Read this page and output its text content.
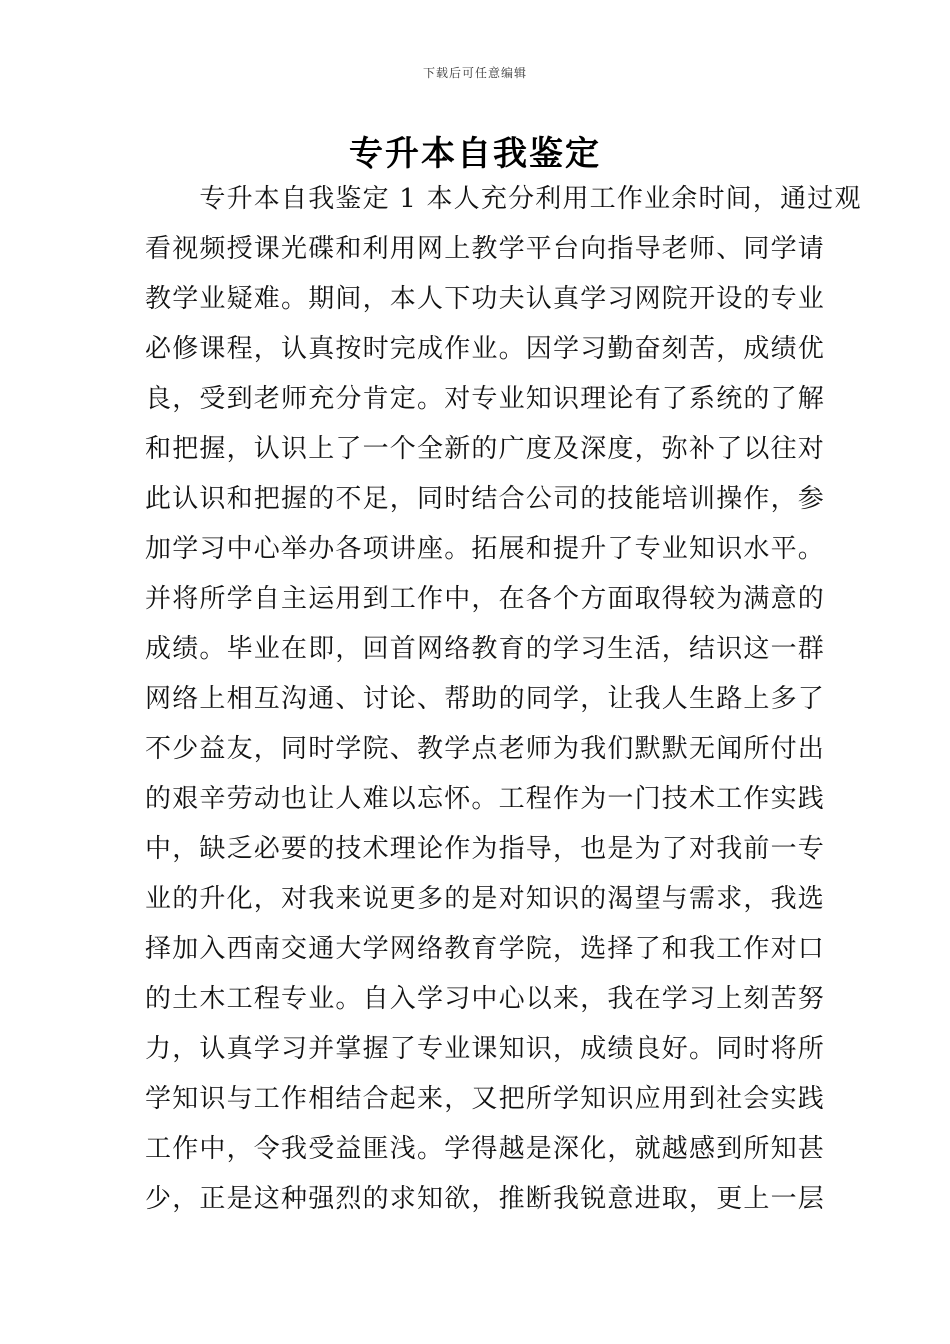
下载后可任意编辑
专升本自我鉴定
　　专升本自我鉴定 1 本人充分利用工作业余时间，通过观
看视频授课光碟和利用网上教学平台向指导老师、同学请
教学业疑难。期间，本人下功夫认真学习网院开设的专业
必修课程，认真按时完成作业。因学习勤奋刻苦，成绩优
良，受到老师充分肯定。对专业知识理论有了系统的了解
和把握，认识上了一个全新的广度及深度，弥补了以往对
此认识和把握的不足，同时结合公司的技能培训操作，参
加学习中心举办各项讲座。拓展和提升了专业知识水平。
并将所学自主运用到工作中，在各个方面取得较为满意的
成绩。毕业在即，回首网络教育的学习生活，结识这一群
网络上相互沟通、讨论、帮助的同学，让我人生路上多了
不少益友，同时学院、教学点老师为我们默默无闻所付出
的艰辛劳动也让人难以忘怀。工程作为一门技术工作实践
中，缺乏必要的技术理论作为指导，也是为了对我前一专
业的升化，对我来说更多的是对知识的渴望与需求，我选
择加入西南交通大学网络教育学院，选择了和我工作对口
的土木工程专业。自入学习中心以来，我在学习上刻苦努
力，认真学习并掌握了专业课知识，成绩良好。同时将所
学知识与工作相结合起来，又把所学知识应用到社会实践
工作中，令我受益匪浅。学得越是深化，就越感到所知甚
少，正是这种强烈的求知欲，推断我锐意进取，更上一层
